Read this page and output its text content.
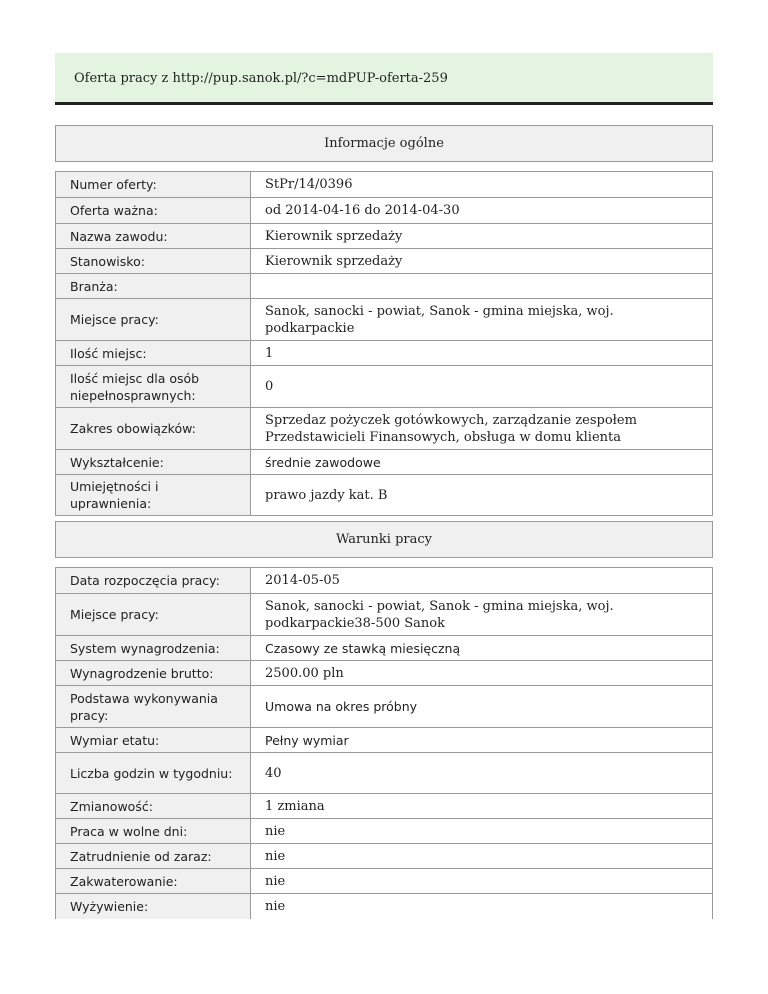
Oferta pracy z http://pup.sanok.pl/?c=mdPUP-oferta-259
Informacje ogólne
Numer oferty:	StPr/14/0396
Oferta ważna:	od 2014-04-16 do 2014-04-30
Nazwa zawodu:	Kierownik sprzedaży
Stanowisko:	Kierownik sprzedaży
Branża:	
Miejsce pracy:	Sanok, sanocki - powiat, Sanok - gmina miejska, woj. podkarpackie
Ilość miejsc:	1
Ilość miejsc dla osób niepełnosprawnych:	0
Zakres obowiązków:	Sprzedaz pożyczek gotówkowych, zarządzanie zespołem Przedstawicieli Finansowych, obsługa w domu klienta
Wykształcenie:	średnie zawodowe
Umiejętności i uprawnienia:	prawo jazdy kat. B
Warunki pracy
Data rozpoczęcia pracy:	2014-05-05
Miejsce pracy:	Sanok, sanocki - powiat, Sanok - gmina miejska, woj. podkarpackie38-500 Sanok
System wynagrodzenia:	Czasowy ze stawką miesięczną
Wynagrodzenie brutto:	2500.00 pln
Podstawa wykonywania pracy:	Umowa na okres próbny
Wymiar etatu:	Pełny wymiar
Liczba godzin w tygodniu:	40
Zmianowość:	1 zmiana
Praca w wolne dni:	nie
Zatrudnienie od zaraz:	nie
Zakwaterowanie:	nie
Wyżywienie:	nie
